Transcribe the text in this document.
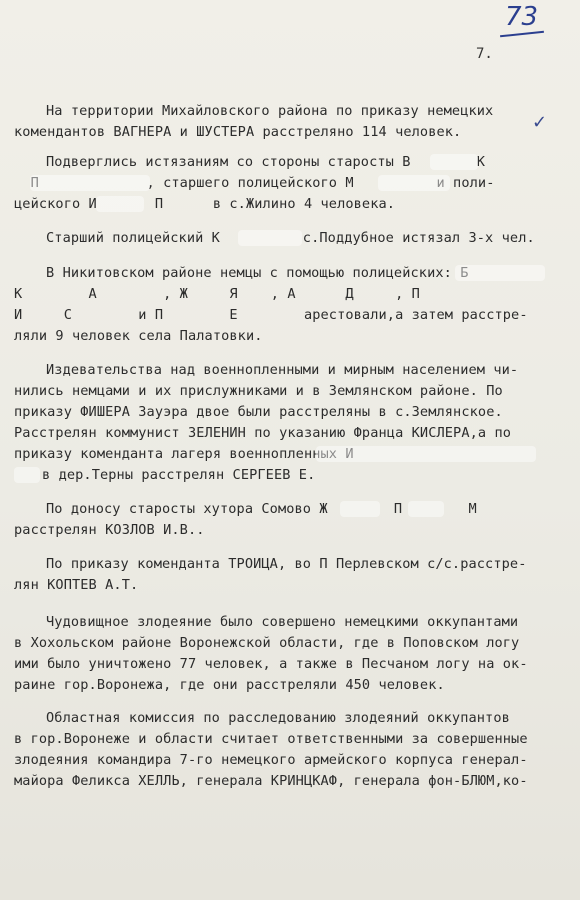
73
7.
✓
На территории Михайловского района по приказу немецких
комендантов ВАГНЕРА и ШУСТЕРА расстреляно 114 человек.
Подверглись истязаниям со стороны старосты В        К
П             , старшего полицейского М          и поли-
цейского И       П      в с.Жилино 4 человека.
Старший полицейский К          с.Поддубное истязал 3-х чел.
В Никитовском районе немцы с помощью полицейских: Б
К        А        , Ж     Я    , А      Д     , П
И     С        и П        Е        арестовали,а затем расстре-
ляли 9 человек села Палатовки.
Издевательства над военнопленными и мирным населением чи-
нились немцами и их прислужниками и в Землянском районе. По
приказу ФИШЕРА Зауэра двое были расстреляны в с.Землянское.
Расстрелян коммунист ЗЕЛЕНИН по указанию Франца КИСЛЕРА,а по
приказу коменданта лагеря военнопленных И
в дер.Терны расстрелян СЕРГЕЕВ Е.
По доносу старосты хутора Сомово Ж        П        М
расстрелян КОЗЛОВ И.В..
По приказу коменданта ТРОИЦА, во П Перлевском с/с.расстре-
лян КОПТЕВ А.Т.
Чудовищное злодеяние было совершено немецкими оккупантами
в Хохольском районе Воронежской области, где в Поповском логу
ими было уничтожено 77 человек, а также в Песчаном логу на ок-
раине гор.Воронежа, где они расстреляли 450 человек.
Областная комиссия по расследованию злодеяний оккупантов
в гор.Воронеже и области считает ответственными за совершенные
злодеяния командира 7-го немецкого армейского корпуса генерал-
майора Феликса ХЕЛЛЬ, генерала КРИНЦКАФ, генерала фон-БЛЮМ,ко-
